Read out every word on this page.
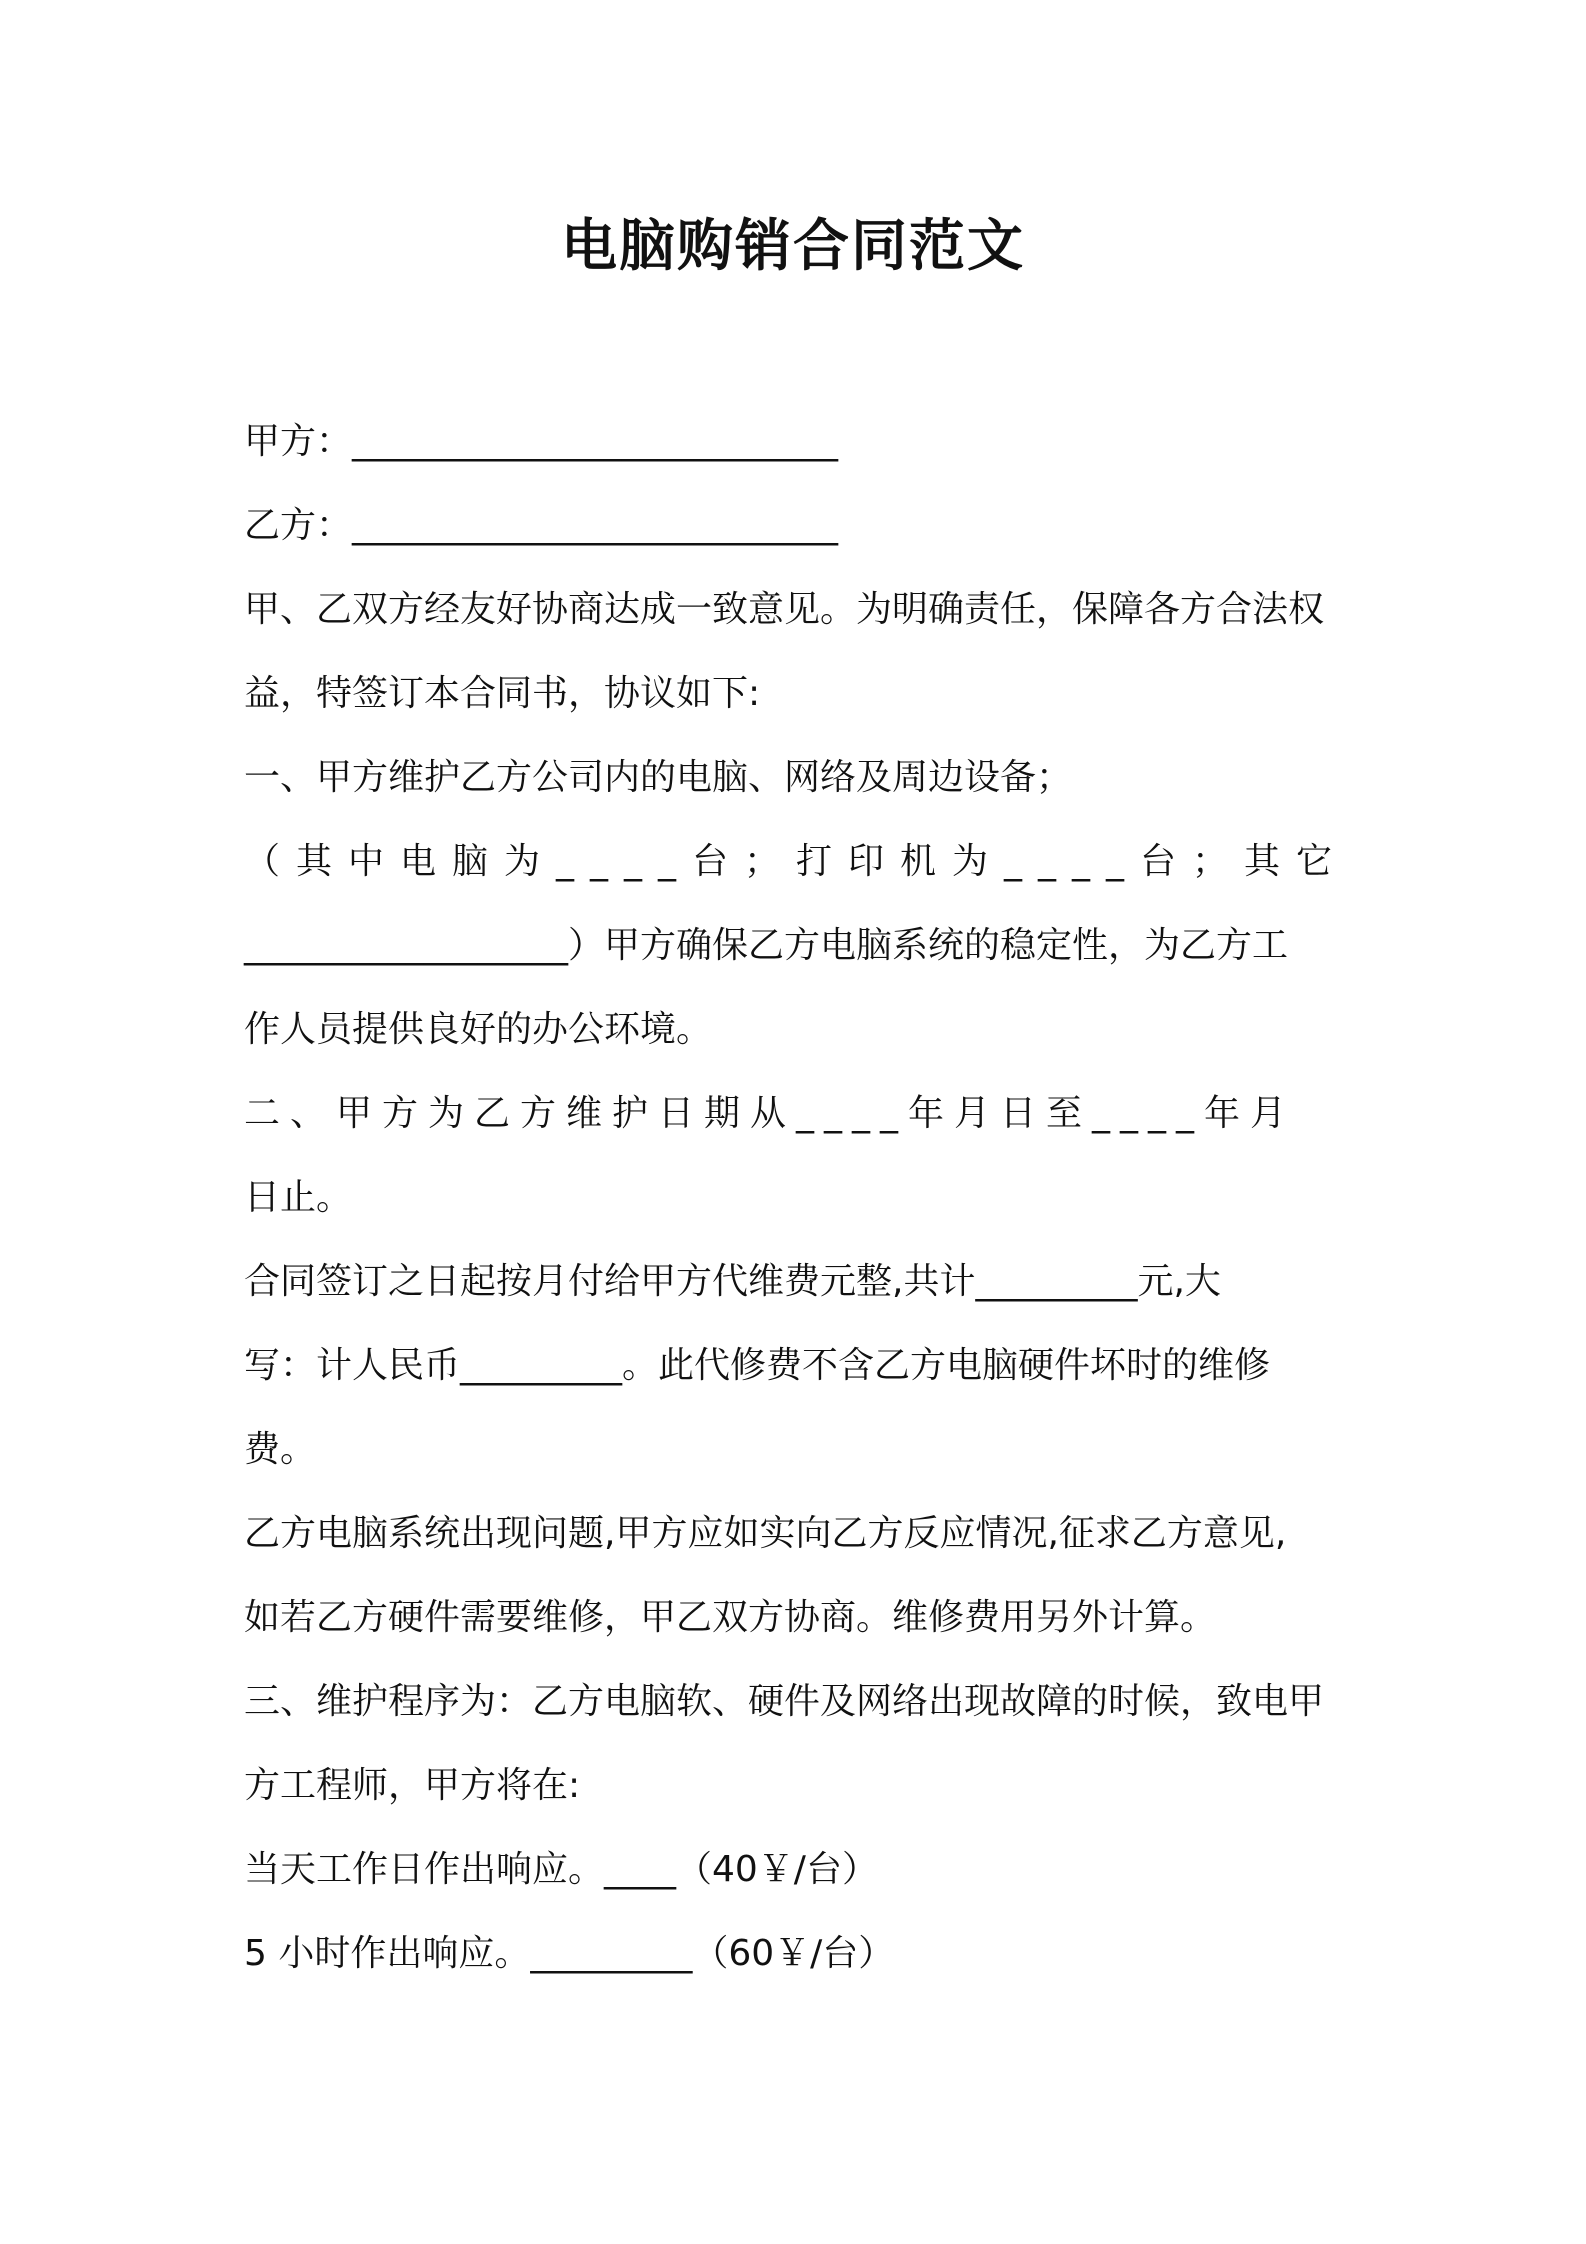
电脑购销合同范文
甲方：___________________________
乙方：___________________________
甲、乙双方经友好协商达成一致意见。为明确责任，保障各方合法权
益，特签订本合同书，协议如下:
一、甲方维护乙方公司内的电脑、网络及周边设备；
（其中电脑为____台；打印机为____台；其它
__________________）甲方确保乙方电脑系统的稳定性，为乙方工
作人员提供良好的办公环境。
二、甲方为乙方维护日期从____年月日至____年月
日止。
合同签订之日起按月付给甲方代维费元整,共计_________元,大
写：计人民币_________。此代修费不含乙方电脑硬件坏时的维修
费。
乙方电脑系统出现问题,甲方应如实向乙方反应情况,征求乙方意见,
如若乙方硬件需要维修，甲乙双方协商。维修费用另外计算。
三、维护程序为：乙方电脑软、硬件及网络出现故障的时候，致电甲
方工程师，甲方将在:
当天工作日作出响应。____（40￥/台）
5 小时作出响应。_________（60￥/台）
